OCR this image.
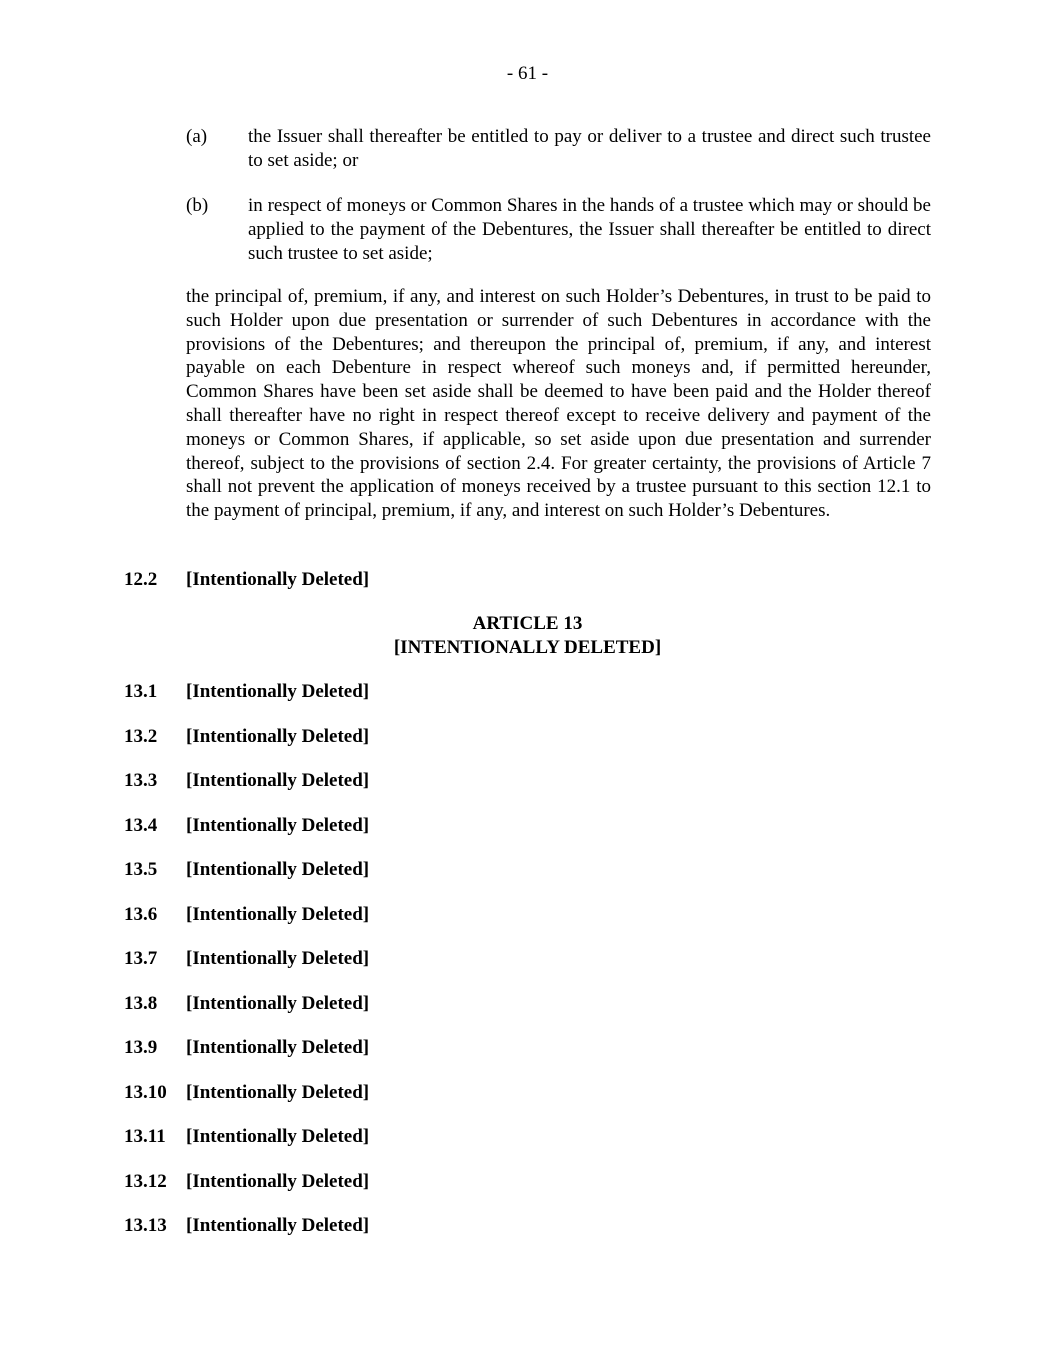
- 61 -
(a) the Issuer shall thereafter be entitled to pay or deliver to a trustee and direct such trustee to set aside; or
(b) in respect of moneys or Common Shares in the hands of a trustee which may or should be applied to the payment of the Debentures, the Issuer shall thereafter be entitled to direct such trustee to set aside;
the principal of, premium, if any, and interest on such Holder’s Debentures, in trust to be paid to such Holder upon due presentation or surrender of such Debentures in accordance with the provisions of the Debentures; and thereupon the principal of, premium, if any, and interest payable on each Debenture in respect whereof such moneys and, if permitted hereunder, Common Shares have been set aside shall be deemed to have been paid and the Holder thereof shall thereafter have no right in respect thereof except to receive delivery and payment of the moneys or Common Shares, if applicable, so set aside upon due presentation and surrender thereof, subject to the provisions of section 2.4. For greater certainty, the provisions of Article 7 shall not prevent the application of moneys received by a trustee pursuant to this section 12.1 to the payment of principal, premium, if any, and interest on such Holder’s Debentures.
12.2 [Intentionally Deleted]
ARTICLE 13
[INTENTIONALLY DELETED]
13.1 [Intentionally Deleted]
13.2 [Intentionally Deleted]
13.3 [Intentionally Deleted]
13.4 [Intentionally Deleted]
13.5 [Intentionally Deleted]
13.6 [Intentionally Deleted]
13.7 [Intentionally Deleted]
13.8 [Intentionally Deleted]
13.9 [Intentionally Deleted]
13.10 [Intentionally Deleted]
13.11 [Intentionally Deleted]
13.12 [Intentionally Deleted]
13.13 [Intentionally Deleted]
